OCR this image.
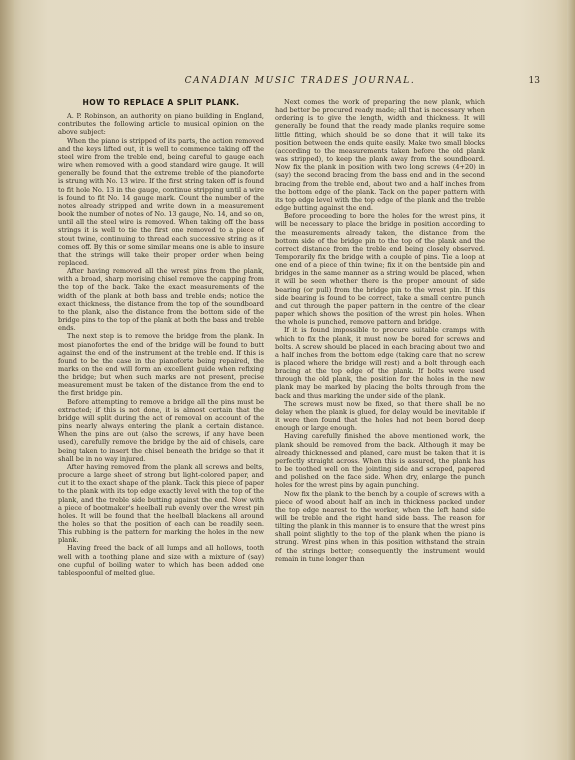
CANADIAN MUSIC TRADES JOURNAL.	13
HOW TO REPLACE A SPLIT PLANK.

A. P. Robinson, an authority on piano building in England, contributes the following article to musical opinion on the above subject:

When the piano is stripped of its parts, the action removed and the keys lifted out, it is well to commence taking off the steel wire from the treble end, being careful to gauge each wire when removed with a good standard wire gauge. It will generally be found that the extreme treble of the pianoforte is strung with No. 13 wire. If the first string taken off is found to fit hole No. 13 in the gauge, continue stripping until a wire is found to fit No. 14 gauge mark. Count the number of the notes already stripped and write down in a measurement book the number of notes of No. 13 gauge, No. 14, and so on, until all the steel wire is removed. When taking off the bass strings it is well to tie the first one removed to a piece of stout twine, continuing to thread each successive string as it comes off. By this or some similar means one is able to insure that the strings will take their proper order when being replaced.

After having removed all the wrest pins from the plank, with a broad, sharp morising chisel remove the capping from the top of the back. Take the exact measurements of the width of the plank at both bass and treble ends; notice the exact thickness, the distance from the top of the soundboard to the plank, also the distance from the bottom side of the bridge pins to the top of the plank at both the bass and treble ends.

The next step is to remove the bridge from the plank. In most pianofortes the end of the bridge will be found to butt against the end of the instrument at the treble end. If this is found to be the case in the pianoforte being repaired, the marks on the end will form an excellent guide when refixing the bridge; but when such marks are not present, precise measurement must be taken of the distance from the end to the first bridge pin.

Before attempting to remove a bridge all the pins must be extracted; if this is not done, it is almost certain that the bridge will split during the act of removal on account of the pins nearly always entering the plank a certain distance. When the pins are out (also the screws, if any have been used), carefully remove the bridge by the aid of chisels, care being taken to insert the chisel beneath the bridge so that it shall be in no way injured.

After having removed from the plank all screws and belts, procure a large sheet of strong but light-colored paper, and cut it to the exact shape of the plank. Tack this piece of paper to the plank with its top edge exactly level with the top of the plank, and the treble side butting against the end. Now with a piece of bootmaker's heelball rub evenly over the wrest pin holes. It will be found that the heelball blackens all around the holes so that the position of each can be readily seen. This rubbing is the pattern for marking the holes in the new plank.

Having freed the back of all lumps and all hollows, tooth well with a toothing plane and size with a mixture of (say) one cupful of boiling water to which has been added one tablespoonful of melted glue.

Next comes the work of preparing the new plank, which had better be procured ready made; all that is necessary when ordering is to give the length, width and thickness. It will generally be found that the ready made planks require some little fitting, which should be so done that it will take its position between the ends quite easily. Make two small blocks (according to the measurements taken before the old plank was stripped), to keep the plank away from the soundboard. Now fix the plank in position with two long screws (4+20) in (say) the second bracing from the bass end and in the second bracing from the treble end, about two and a half inches from the bottom edge of the plank. Tack on the paper pattern with its top edge level with the top edge of the plank and the treble edge butting against the end.

Before proceeding to bore the holes for the wrest pins, it will be necessary to place the bridge in position according to the measurements already taken, the distance from the bottom side of the bridge pin to the top of the plank and the correct distance from the treble end being closely observed. Temporarily fix the bridge with a couple of pins. Tie a loop at one end of a piece of thin twine; fix it on the bentside pin and bridges in the same manner as a string would be placed, when it will be seen whether there is the proper amount of side bearing (or pull) from the bridge pin to the wrest pin. If this side bearing is found to be correct, take a small centre punch and cut through the paper pattern in the centre of the clear paper which shows the position of the wrest pin holes. When the whole is punched, remove pattern and bridge.

If it is found impossible to procure suitable cramps with which to fix the plank, it must now be bored for screws and bolts. A screw should be placed in each bracing about two and a half inches from the bottom edge (taking care that no screw is placed where the bridge will rest) and a bolt through each bracing at the top edge of the plank. If bolts were used through the old plank, the position for the holes in the new plank may be marked by placing the bolts through from the back and thus marking the under side of the plank.

The screws must now be fixed, so that there shall be no delay when the plank is glued, for delay would be inevitable if it were then found that the holes had not been bored deep enough or large enough.

Having carefully finished the above mentioned work, the plank should be removed from the back. Although it may be already thicknessed and planed, care must be taken that it is perfectly straight across. When this is assured, the plank has to be toothed well on the jointing side and scraped, papered and polished on the face side. When dry, enlarge the punch holes for the wrest pins by again punching.

Now fix the plank to the bench by a couple of screws with a piece of wood about half an inch in thickness packed under the top edge nearest to the worker, when the left hand side will be treble and the right hand side bass. The reason for tilting the plank in this manner is to ensure that the wrest pins shall point slightly to the top of the plank when the piano is strung. Wrest pins when in this position withstand the strain of the strings better; consequently the instrument would remain in tune longer than
